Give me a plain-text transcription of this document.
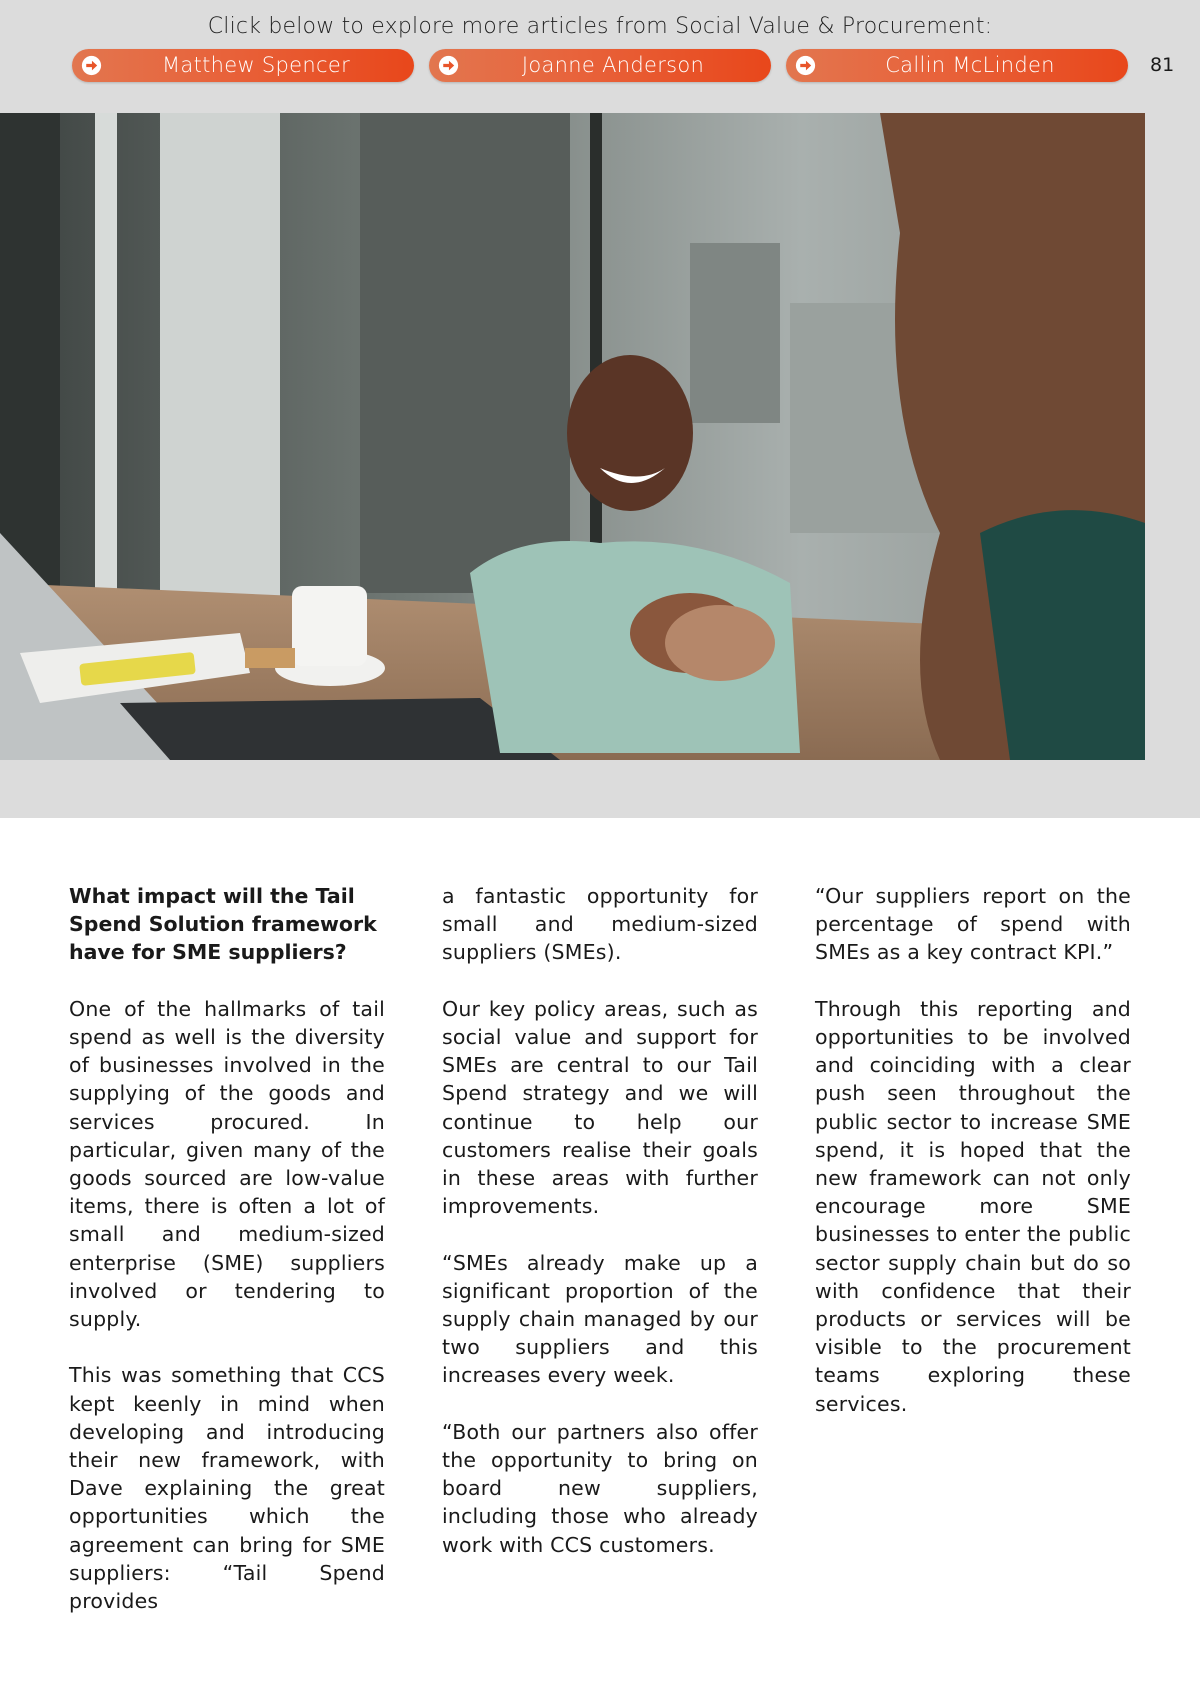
Click below to explore more articles from Social Value & Procurement:
Matthew Spencer	Joanne Anderson	Callin McLinden	81

What impact will the Tail Spend Solution framework have for SME suppliers?

One of the hallmarks of tail spend as well is the diversity of businesses involved in the supplying of the goods and services procured. In particular, given many of the goods sourced are low-value items, there is often a lot of small and medium-sized enterprise (SME) suppliers involved or tendering to supply.

This was something that CCS kept keenly in mind when developing and introducing their new framework, with Dave explaining the great opportunities which the agreement can bring for SME suppliers: “Tail Spend provides

a fantastic opportunity for small and medium-sized suppliers (SMEs).

Our key policy areas, such as social value and support for SMEs are central to our Tail Spend strategy and we will continue to help our customers realise their goals in these areas with further improvements.

“SMEs already make up a significant proportion of the supply chain managed by our two suppliers and this increases every week.

“Both our partners also offer the opportunity to bring on board new suppliers, including those who already work with CCS customers.

“Our suppliers report on the percentage of spend with SMEs as a key contract KPI.”

Through this reporting and opportunities to be involved and coinciding with a clear push seen throughout the public sector to increase SME spend, it is hoped that the new framework can not only encourage more SME businesses to enter the public sector supply chain but do so with confidence that their products or services will be visible to the procurement teams exploring these services.
